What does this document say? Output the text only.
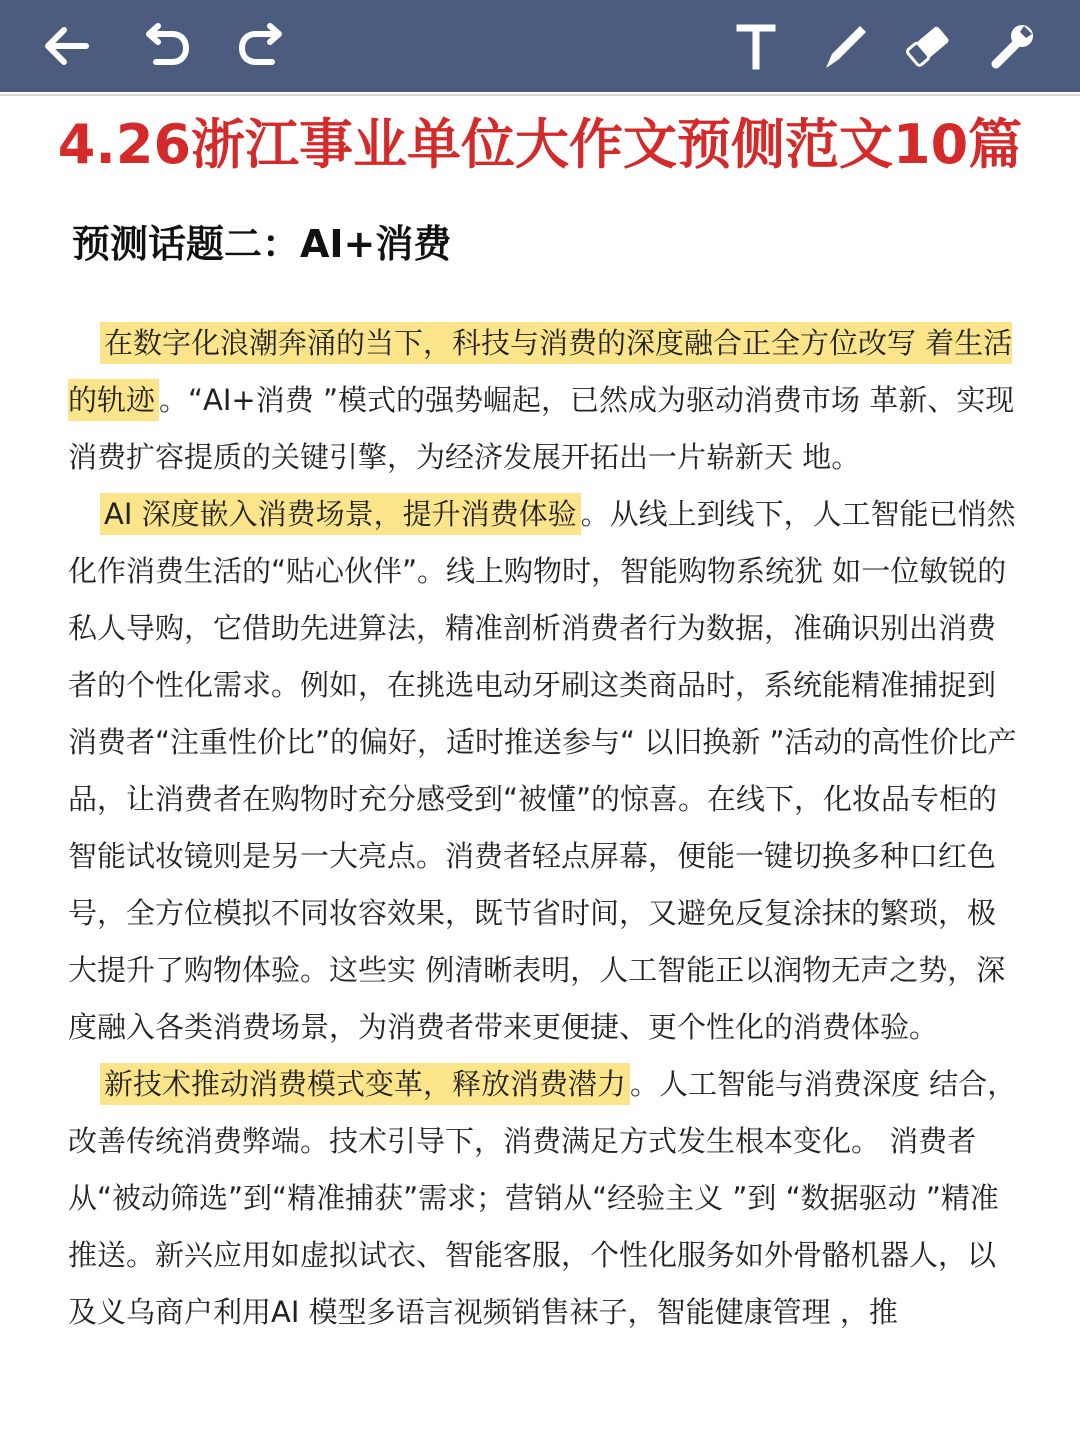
4.26浙江事业单位大作文预侧范文10篇
预测话题二：AI+消费

在数字化浪潮奔涌的当下，科技与消费的深度融合正全方位改写 着生活的轨迹 。“AI+消费 ”模式的强势崛起，已然成为驱动消费市场 革新、实现消费扩容提质的关键引擎，为经济发展开拓出一片崭新天 地。

AI 深度嵌入消费场景，提升消费体验 。从线上到线下，人工智能已悄然化作消费生活的“贴心伙伴”。线上购物时，智能购物系统犹 如一位敏锐的私人导购，它借助先进算法，精准剖析消费者行为数据，准确识别出消费者的个性化需求。例如，在挑选电动牙刷这类商品时，系统能精准捕捉到消费者“注重性价比”的偏好，适时推送参与“ 以旧换新 ”活动的高性价比产品，让消费者在购物时充分感受到“被懂”的惊喜。在线下，化妆品专柜的智能试妆镜则是另一大亮点。消费者轻点屏幕，便能一键切换多种口红色号，全方位模拟不同妆容效果，既节省时间，又避免反复涂抹的繁琐，极大提升了购物体验。这些实 例清晰表明，人工智能正以润物无声之势，深度融入各类消费场景，为消费者带来更便捷、更个性化的消费体验。

新技术推动消费模式变革，释放消费潜力 。人工智能与消费深度 结合，改善传统消费弊端。技术引导下，消费满足方式发生根本变化。 消费者从“被动筛选”到“精准捕获”需求；营销从“经验主义 ”到 “数据驱动 ”精准推送。新兴应用如虚拟试衣、智能客服，个性化服务如外骨骼机器人，以及义乌商户利用AI 模型多语言视频销售袜子，智能健康管理 ，推
